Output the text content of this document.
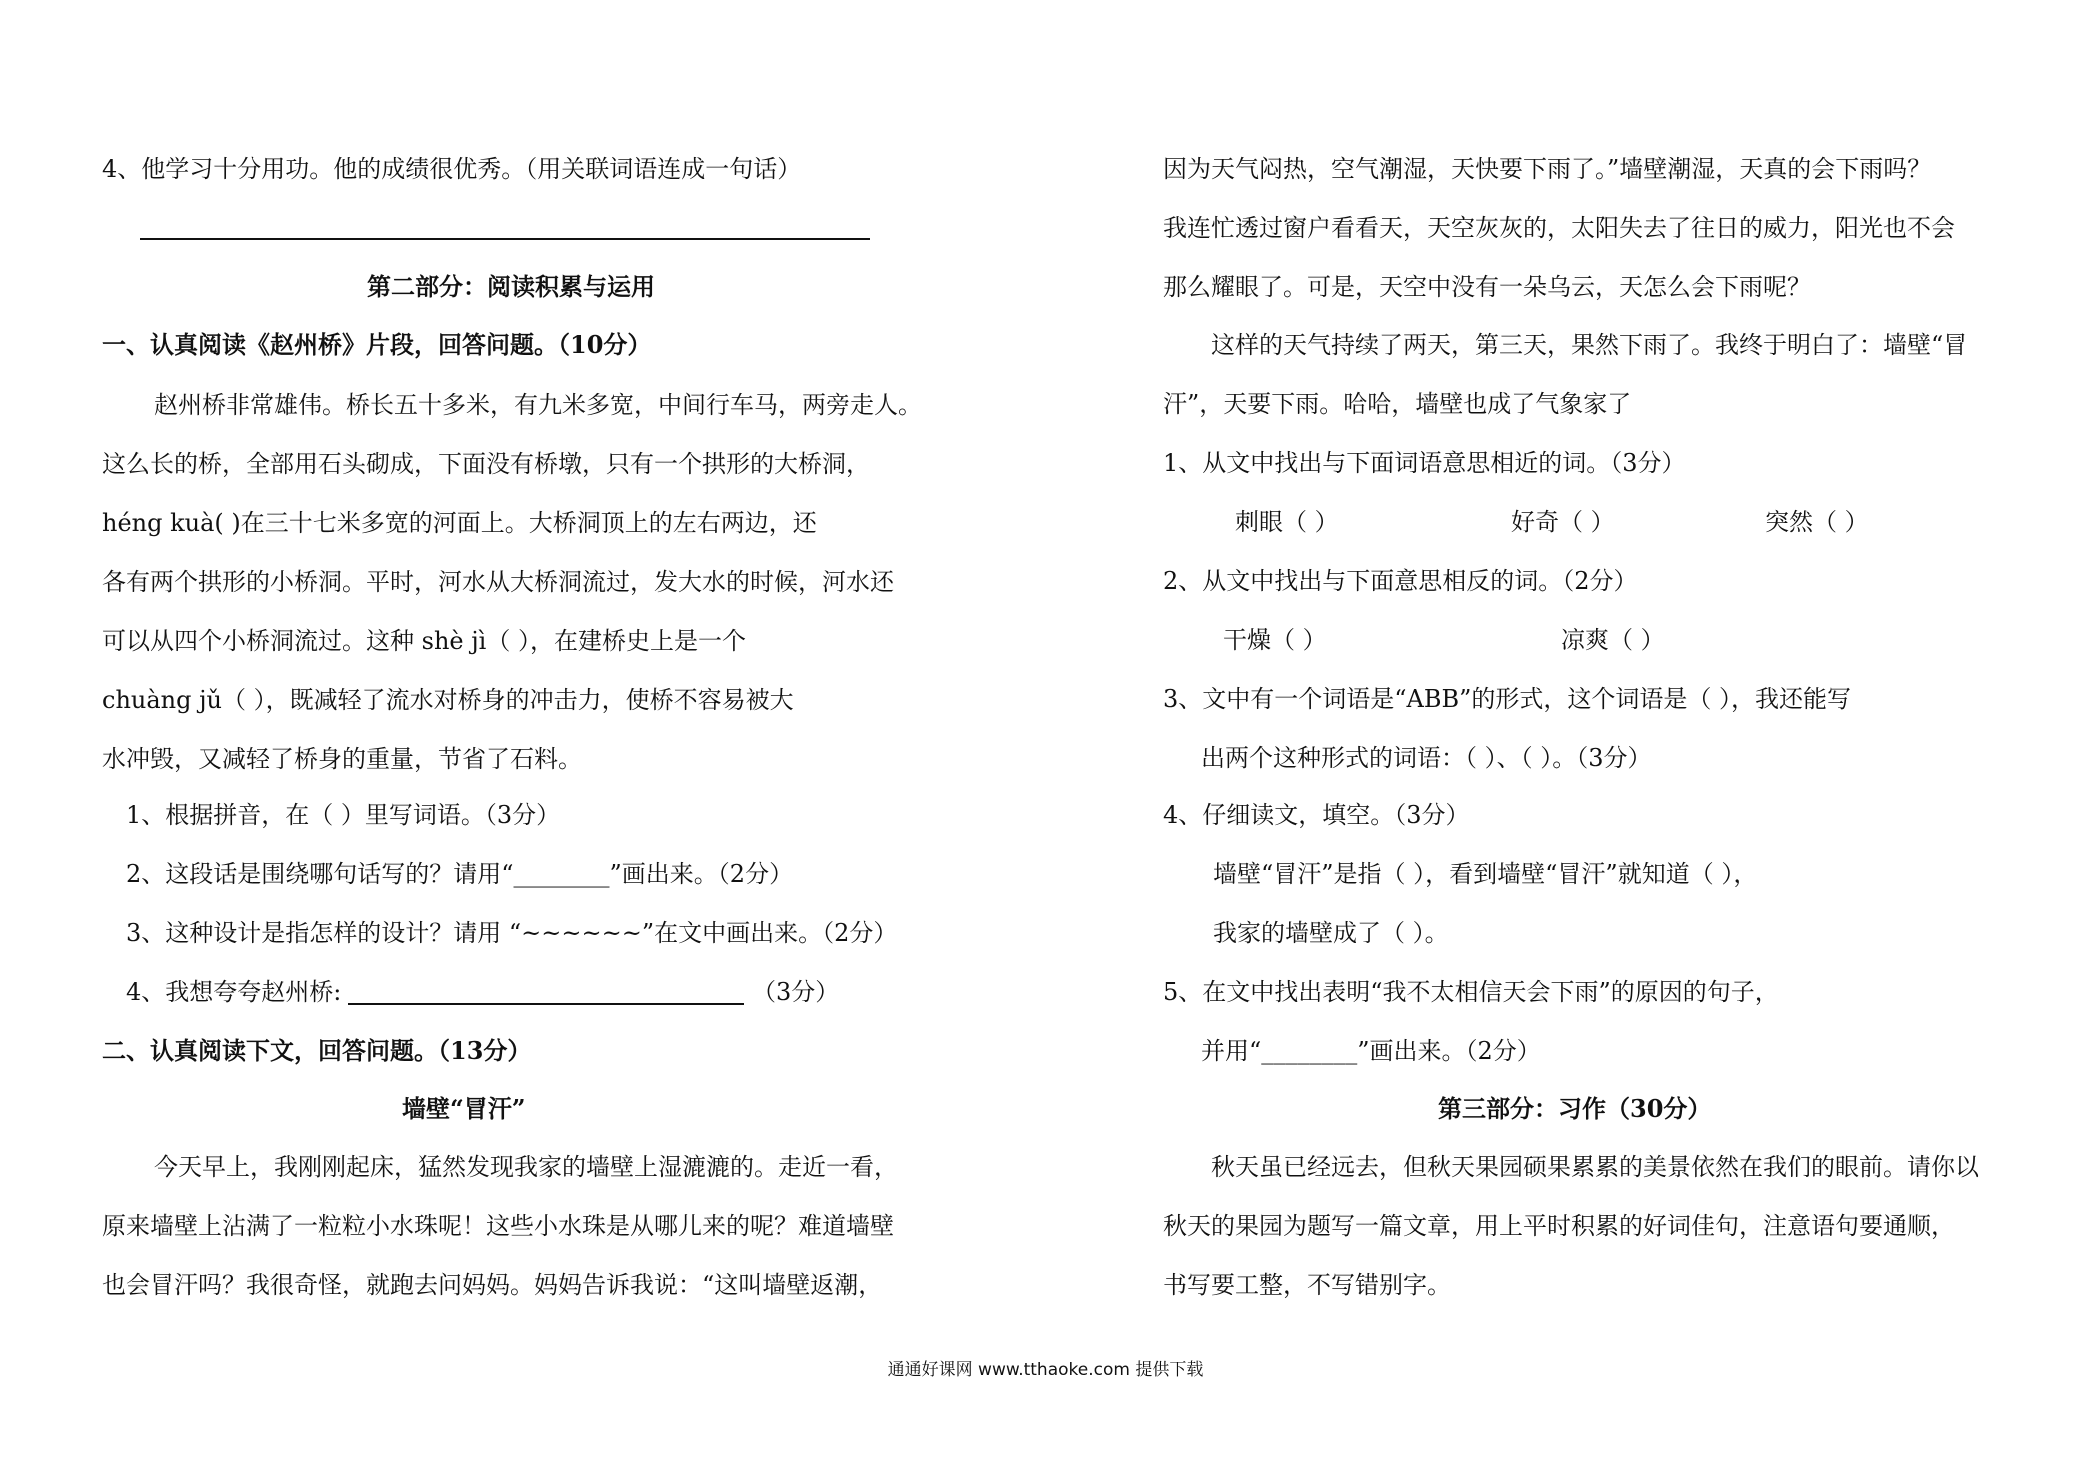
4、他学习十分用功。他的成绩很优秀。（用关联词语连成一句话）
第二部分：阅读积累与运用
一、认真阅读《赵州桥》片段，回答问题。（10分）
赵州桥非常雄伟。桥长五十多米，有九米多宽，中间行车马，两旁走人。
这么长的桥，全部用石头砌成，下面没有桥墩，只有一个拱形的大桥洞，
héng kuà( )在三十七米多宽的河面上。大桥洞顶上的左右两边，还
各有两个拱形的小桥洞。平时，河水从大桥洞流过，发大水的时候，河水还
可以从四个小桥洞流过。这种 shè jì（ ），在建桥史上是一个
chuàng jǔ（ ），既减轻了流水对桥身的冲击力，使桥不容易被大
水冲毁，又减轻了桥身的重量，节省了石料。
1、根据拼音，在（ ）里写词语。（3分）
2、这段话是围绕哪句话写的？请用“________”画出来。（2分）
3、这种设计是指怎样的设计？请用 “~~~~~~”在文中画出来。（2分）
4、我想夸夸赵州桥:	（3分）
二、认真阅读下文，回答问题。（13分）
墙壁“冒汗”
今天早上，我刚刚起床，猛然发现我家的墙壁上湿漉漉的。走近一看，
原来墙壁上沾满了一粒粒小水珠呢！这些小水珠是从哪儿来的呢？难道墙壁
也会冒汗吗？我很奇怪，就跑去问妈妈。妈妈告诉我说：“这叫墙壁返潮，
因为天气闷热，空气潮湿，天快要下雨了。”墙壁潮湿，天真的会下雨吗？
我连忙透过窗户看看天，天空灰灰的，太阳失去了往日的威力，阳光也不会
那么耀眼了。可是，天空中没有一朵乌云，天怎么会下雨呢？
这样的天气持续了两天，第三天，果然下雨了。我终于明白了：墙壁“冒
汗”，天要下雨。哈哈，墙壁也成了气象家了
1、从文中找出与下面词语意思相近的词。（3分）
刺眼（ ）	好奇（ ）	突然（ ）
2、从文中找出与下面意思相反的词。（2分）
干燥（ ）	凉爽（ ）
3、文中有一个词语是“ABB”的形式，这个词语是（ ），我还能写
出两个这种形式的词语：（ ）、（ ）。（3分）
4、仔细读文，填空。（3分）
墙壁“冒汗”是指（ ），看到墙壁“冒汗”就知道（ ），
我家的墙壁成了（ ）。
5、在文中找出表明“我不太相信天会下雨”的原因的句子，
并用“________”画出来。（2分）
第三部分：习作（30分）
秋天虽已经远去，但秋天果园硕果累累的美景依然在我们的眼前。请你以
秋天的果园为题写一篇文章，用上平时积累的好词佳句，注意语句要通顺，
书写要工整，不写错别字。
通通好课网 www.tthaoke.com 提供下载
